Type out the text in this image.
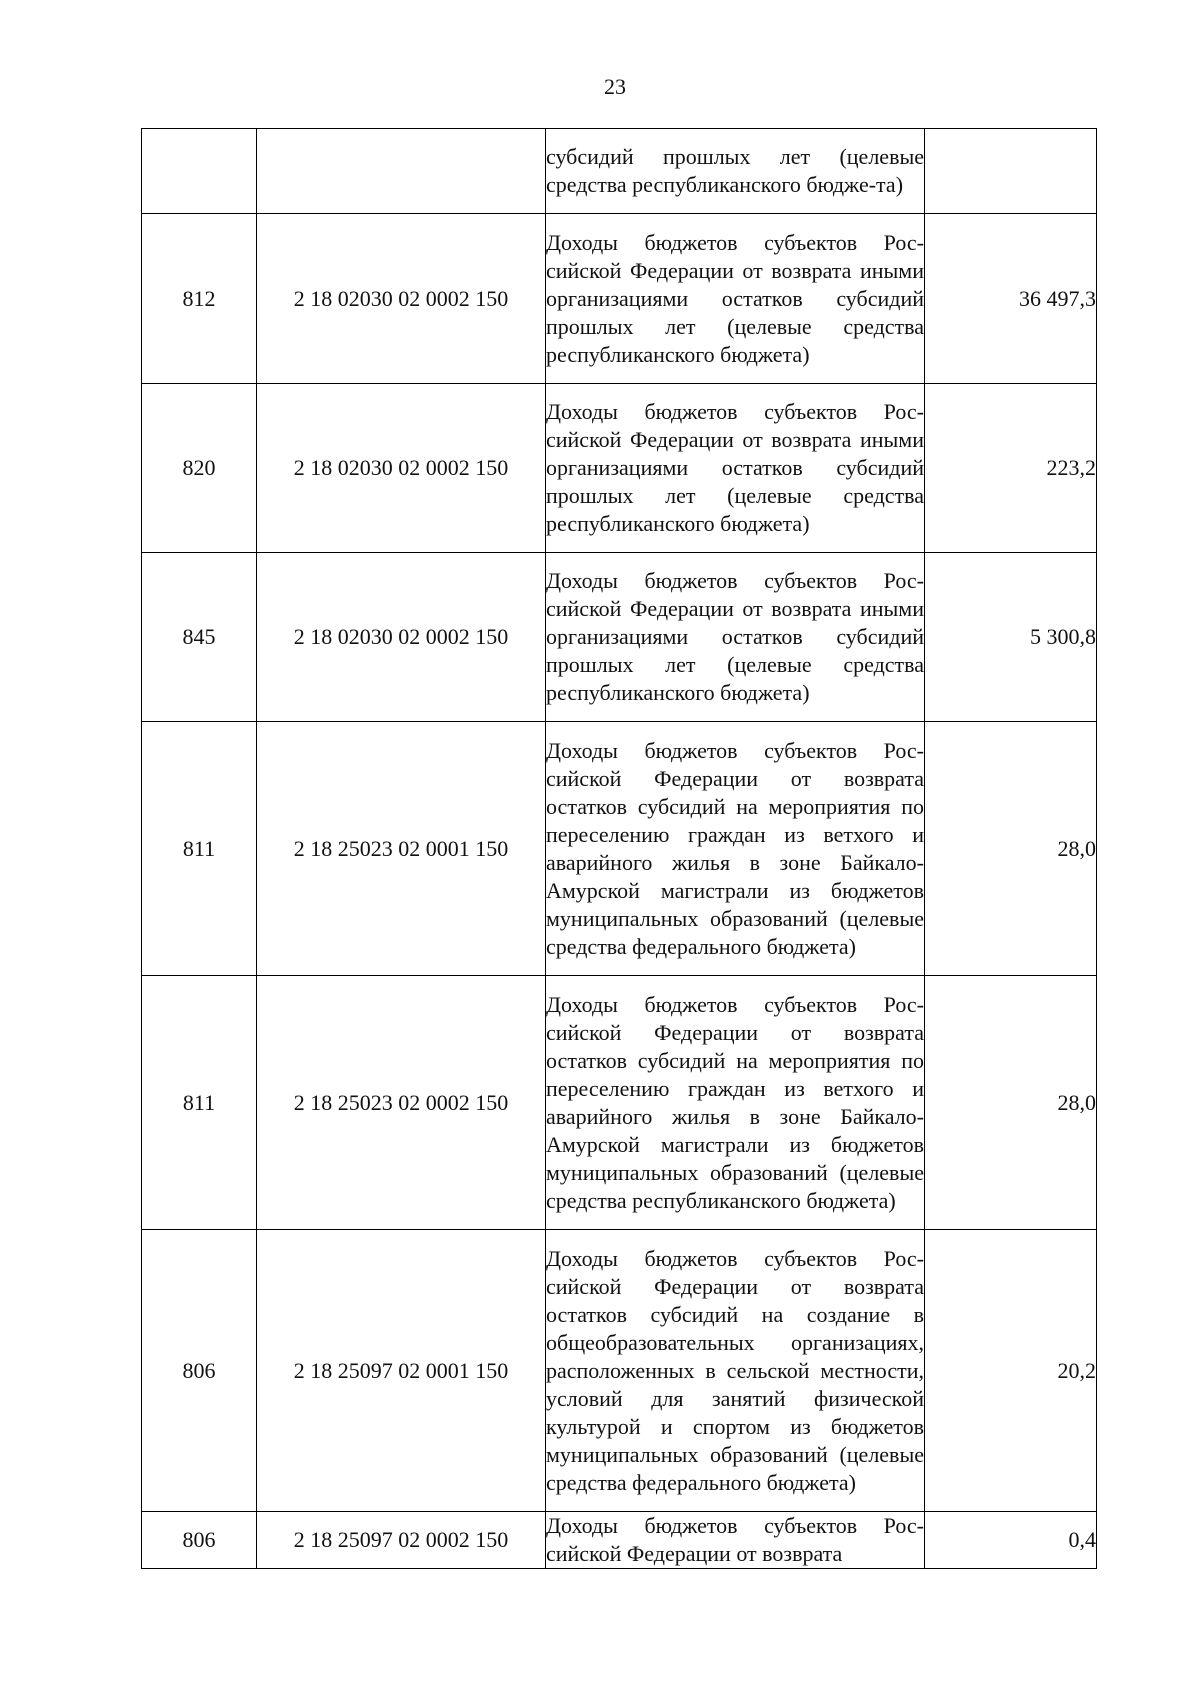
23

		субсидий прошлых лет (целевые средства республиканского бюдже-та)	

812	2 18 02030 02 0002 150	Доходы бюджетов субъектов Российской Федерации от возврата иными организациями остатков субсидий прошлых лет (целевые средства республиканского бюджета)	36 497,3
820	2 18 02030 02 0002 150	Доходы бюджетов субъектов Российской Федерации от возврата иными организациями остатков субсидий прошлых лет (целевые средства республиканского бюджета)	223,2
845	2 18 02030 02 0002 150	Доходы бюджетов субъектов Российской Федерации от возврата иными организациями остатков субсидий прошлых лет (целевые средства республиканского бюджета)	5 300,8
811	2 18 25023 02 0001 150	Доходы бюджетов субъектов Российской Федерации от возврата остатков субсидий на мероприятия по переселению граждан из ветхого и аварийного жилья в зоне Байкало-Амурской магистрали из бюджетов муниципальных образований (целевые средства федерального бюджета)	28,0
811	2 18 25023 02 0002 150	Доходы бюджетов субъектов Российской Федерации от возврата остатков субсидий на мероприятия по переселению граждан из ветхого и аварийного жилья в зоне Байкало-Амурской магистрали из бюджетов муниципальных образований (целевые средства республиканского бюджета)	28,0
806	2 18 25097 02 0001 150	Доходы бюджетов субъектов Российской Федерации от возврата остатков субсидий на создание в общеобразовательных организациях, расположенных в сельской местности, условий для занятий физической культурой и спортом из бюджетов муниципальных образований (целевые средства федерального бюджета)	20,2
806	2 18 25097 02 0002 150	Доходы бюджетов субъектов Российской Федерации от возврата	0,4
